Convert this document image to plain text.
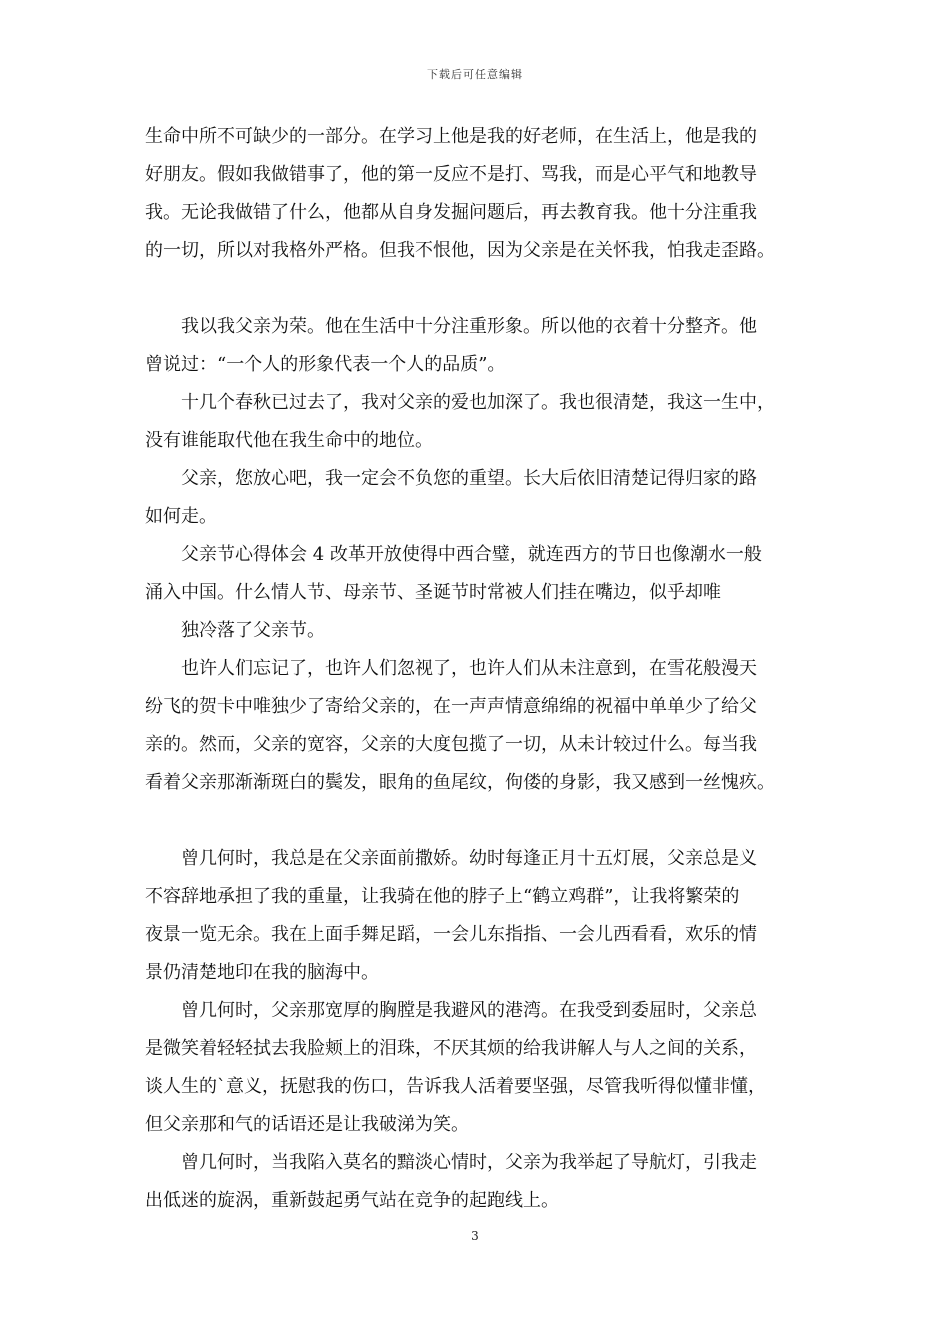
下载后可任意编辑
生命中所不可缺少的一部分。在学习上他是我的好老师，在生活上，他是我的
好朋友。假如我做错事了，他的第一反应不是打、骂我，而是心平气和地教导
我。无论我做错了什么，他都从自身发掘问题后，再去教育我。他十分注重我
的一切，所以对我格外严格。但我不恨他，因为父亲是在关怀我，怕我走歪路。
我以我父亲为荣。他在生活中十分注重形象。所以他的衣着十分整齐。他
曾说过：“一个人的形象代表一个人的品质”。
十几个春秋已过去了，我对父亲的爱也加深了。我也很清楚，我这一生中，
没有谁能取代他在我生命中的地位。
父亲，您放心吧，我一定会不负您的重望。长大后依旧清楚记得归家的路
如何走。
父亲节心得体会 4 改革开放使得中西合璧，就连西方的节日也像潮水一般
涌入中国。什么情人节、母亲节、圣诞节时常被人们挂在嘴边，似乎却唯
独冷落了父亲节。
也许人们忘记了，也许人们忽视了，也许人们从未注意到，在雪花般漫天
纷飞的贺卡中唯独少了寄给父亲的，在一声声情意绵绵的祝福中单单少了给父
亲的。然而，父亲的宽容，父亲的大度包揽了一切，从未计较过什么。每当我
看着父亲那渐渐斑白的鬓发，眼角的鱼尾纹，佝偻的身影，我又感到一丝愧疚。
曾几何时，我总是在父亲面前撒娇。幼时每逢正月十五灯展，父亲总是义
不容辞地承担了我的重量，让我骑在他的脖子上“鹤立鸡群”，让我将繁荣的
夜景一览无余。我在上面手舞足蹈，一会儿东指指、一会儿西看看，欢乐的情
景仍清楚地印在我的脑海中。
曾几何时，父亲那宽厚的胸膛是我避风的港湾。在我受到委屈时，父亲总
是微笑着轻轻拭去我脸颊上的泪珠，不厌其烦的给我讲解人与人之间的关系，
谈人生的`意义，抚慰我的伤口，告诉我人活着要坚强，尽管我听得似懂非懂，
但父亲那和气的话语还是让我破涕为笑。
曾几何时，当我陷入莫名的黯淡心情时，父亲为我举起了导航灯，引我走
出低迷的旋涡，重新鼓起勇气站在竞争的起跑线上。
3
